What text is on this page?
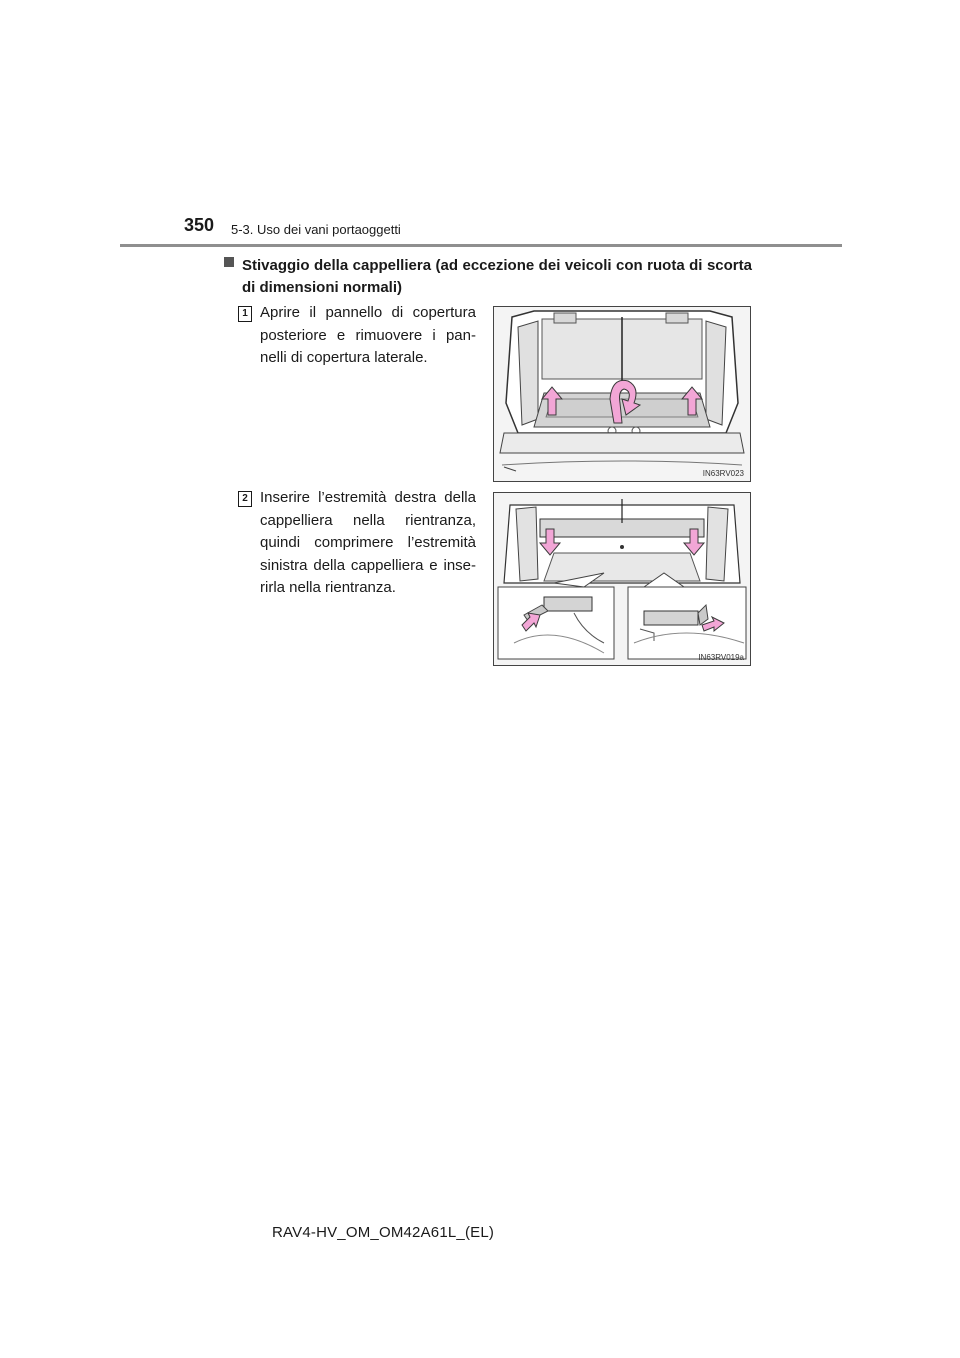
350 5-3. Uso dei vani portaoggetti
Stivaggio della cappelliera (ad eccezione dei veicoli con ruota di scorta di dimensioni normali)
1 Aprire il pannello di copertura posteriore e rimuovere i pan-nelli di copertura laterale.
IN63RV023
2 Inserire l’estremità destra della cappelliera nella rientranza, quindi comprimere l’estremità sinistra della cappelliera e inse-rirla nella rientranza.
IN63RV019a
RAV4-HV_OM_OM42A61L_(EL)
